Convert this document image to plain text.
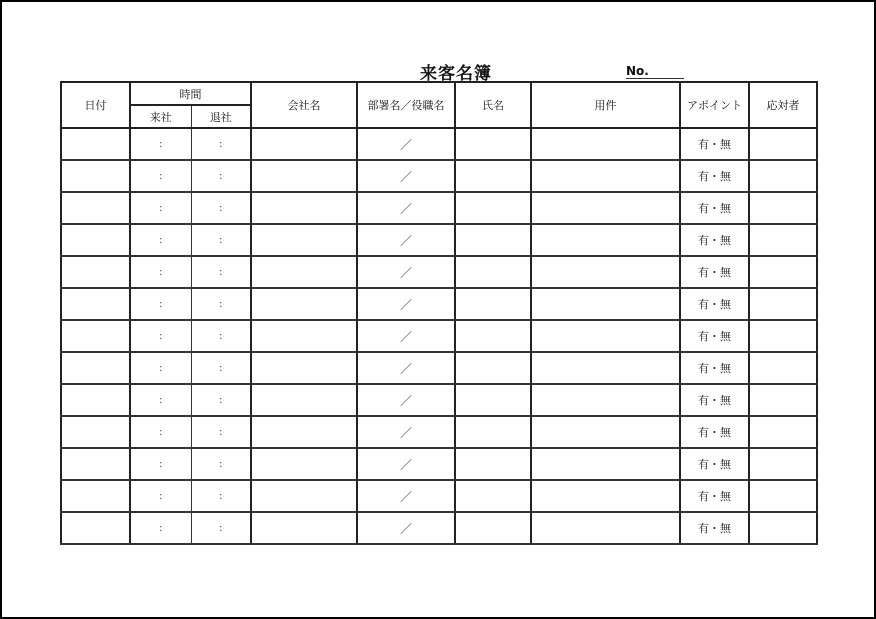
来客名簿	No.
日付	時間		会社名	部署名／役職名	氏名	用件	アポイント	応対者
	来社	退社						
	:	:		／			有・無	
	:	:		／			有・無	
	:	:		／			有・無	
	:	:		／			有・無	
	:	:		／			有・無	
	:	:		／			有・無	
	:	:		／			有・無	
	:	:		／			有・無	
	:	:		／			有・無	
	:	:		／			有・無	
	:	:		／			有・無	
	:	:		／			有・無	
	:	:		／			有・無	
